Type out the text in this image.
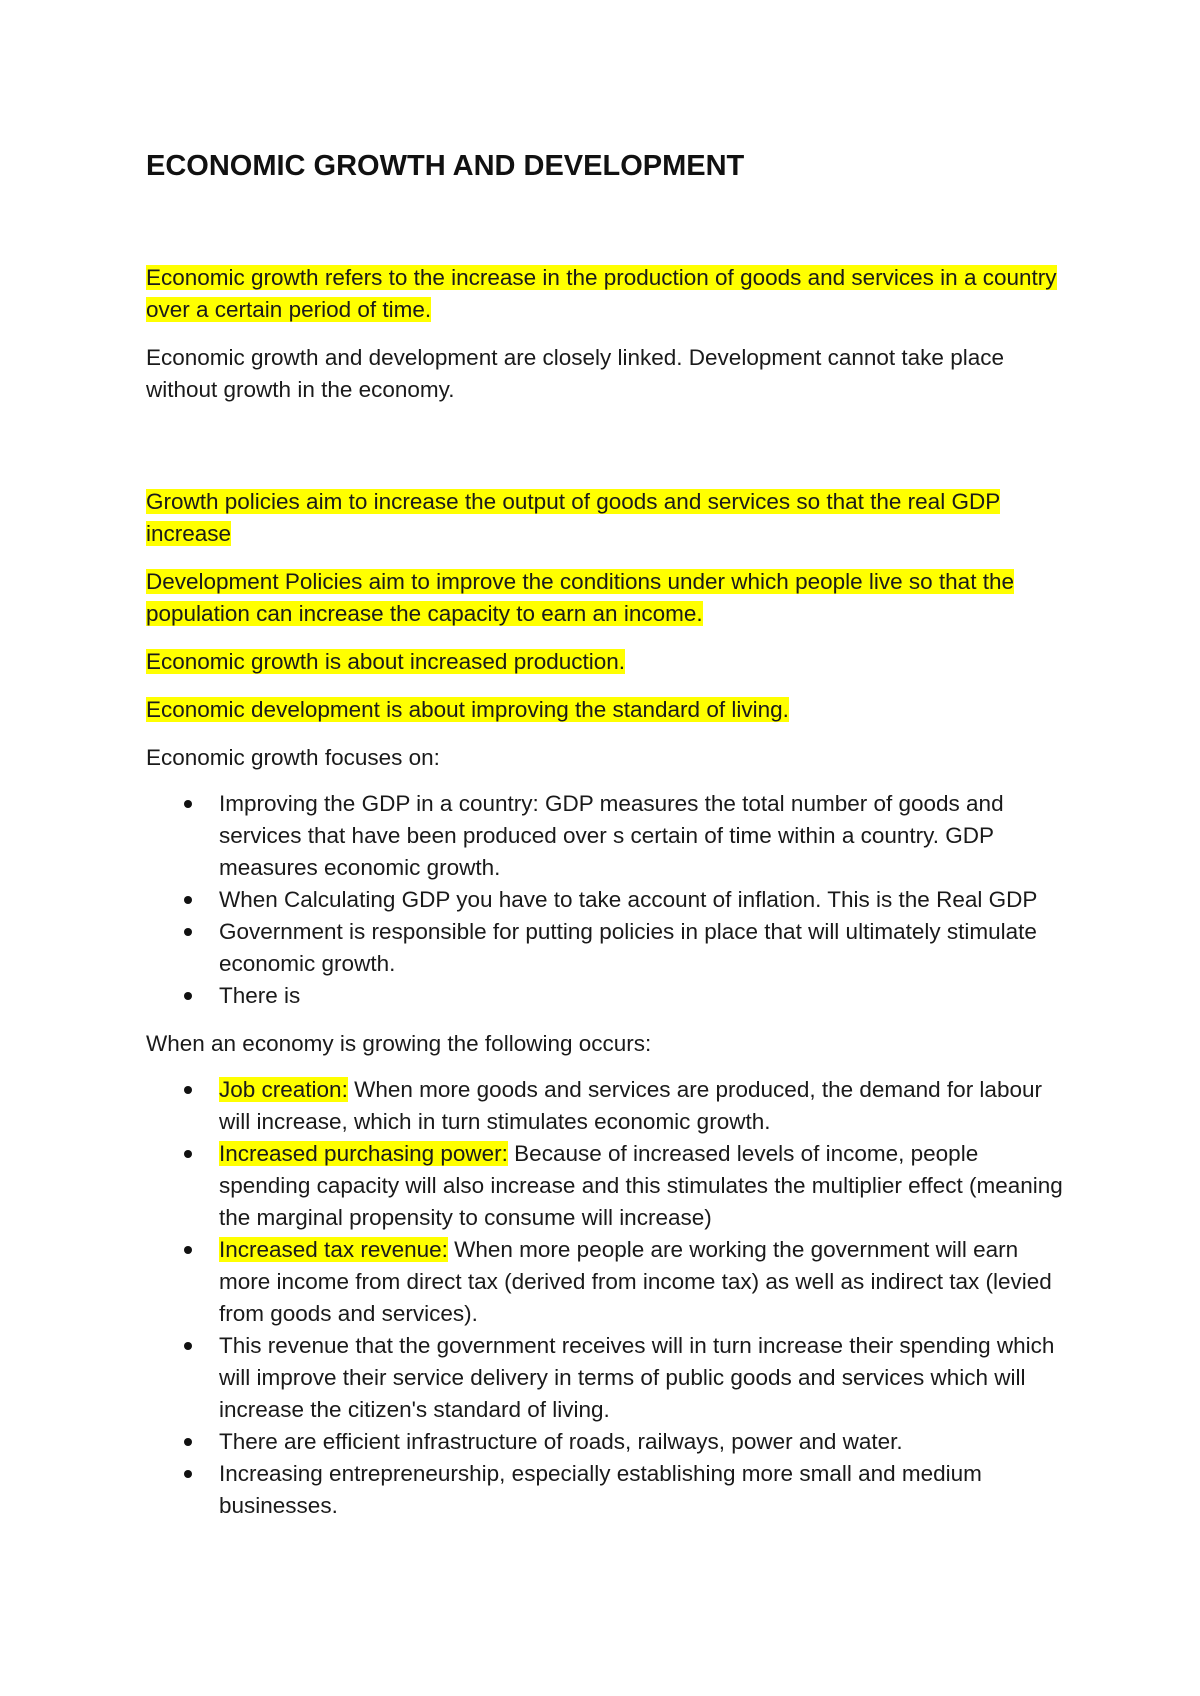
ECONOMIC GROWTH AND DEVELOPMENT

Economic growth refers to the increase in the production of goods and services in a country over a certain period of time.

Economic growth and development are closely linked. Development cannot take place without growth in the economy.

Growth policies aim to increase the output of goods and services so that the real GDP increase

Development Policies aim to improve the conditions under which people live so that the population can increase the capacity to earn an income.

Economic growth is about increased production.

Economic development is about improving the standard of living.

Economic growth focuses on:

Improving the GDP in a country: GDP measures the total number of goods and services that have been produced over s certain of time within a country. GDP measures economic growth.
When Calculating GDP you have to take account of inflation. This is the Real GDP
Government is responsible for putting policies in place that will ultimately stimulate economic growth.
There is

When an economy is growing the following occurs:

Job creation: When more goods and services are produced, the demand for labour will increase, which in turn stimulates economic growth.
Increased purchasing power: Because of increased levels of income, people spending capacity will also increase and this stimulates the multiplier effect (meaning the marginal propensity to consume will increase)
Increased tax revenue: When more people are working the government will earn more income from direct tax (derived from income tax) as well as indirect tax (levied from goods and services).
This revenue that the government receives will in turn increase their spending which will improve their service delivery in terms of public goods and services which will increase the citizen's standard of living.
There are efficient infrastructure of roads, railways, power and water.
Increasing entrepreneurship, especially establishing more small and medium businesses.
